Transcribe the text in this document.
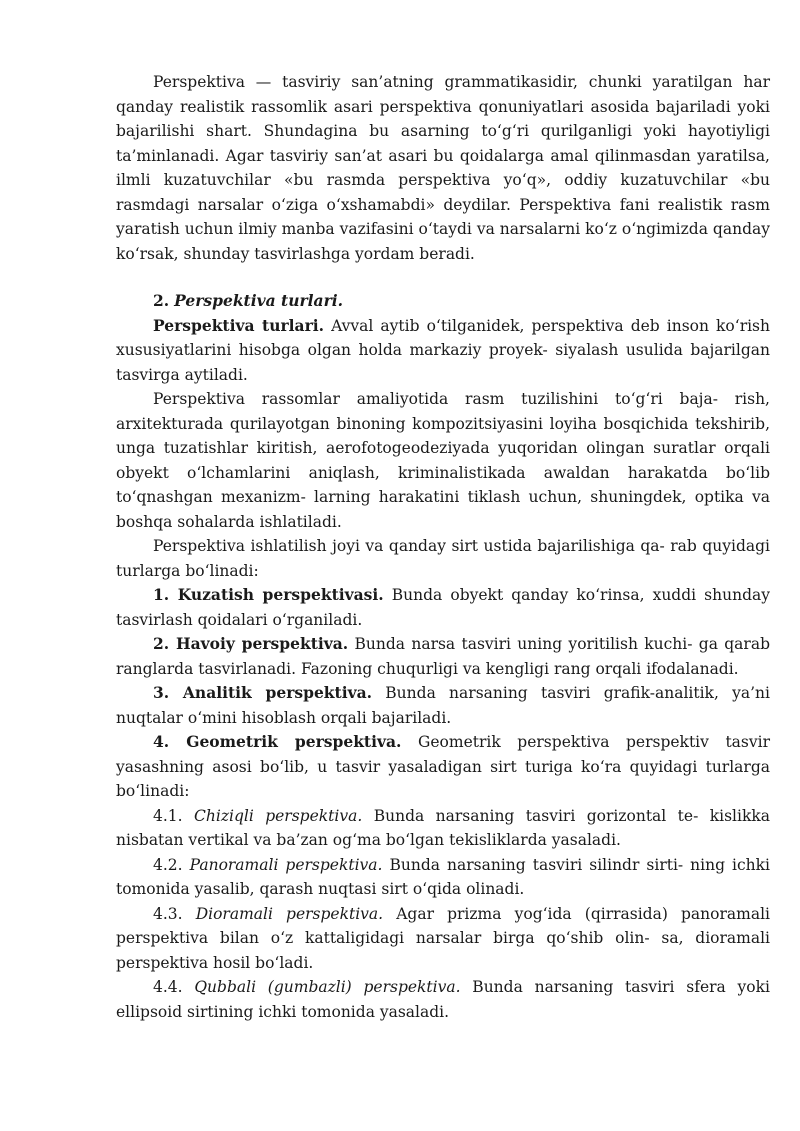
Perspektiva — tasviriy san’atning grammatikasidir, chunki yaratilgan har qanday realistik rassomlik asari perspektiva qonuniyatlari asosida bajariladi yoki bajarilishi shart. Shundagina bu asarning to‘g‘ri qurilganligi yoki hayotiyligi ta’minlanadi. Agar tasviriy san’at asari bu qoidalarga amal qilinmasdan yaratilsa, ilmli kuzatuvchilar «bu rasmda perspektiva yo‘q», oddiy kuzatuvchilar «bu rasmdagi narsalar o‘ziga o‘xshamabdi» deydilar. Perspektiva fani realistik rasm yaratish uchun ilmiy manba vazifasini o‘taydi va narsalarni ko‘z o‘ngimizda qanday ko‘rsak, shunday tasvirlashga yordam beradi.

2. Perspektiva turlari.

Perspektiva turlari. Avval aytib o‘tilganidek, perspektiva deb inson ko‘rish xususiyatlarini hisobga olgan holda markaziy proyek- siyalash usulida bajarilgan tasvirga aytiladi.

Perspektiva rassomlar amaliyotida rasm tuzilishini to‘g‘ri baja- rish, arxitekturada qurilayotgan binoning kompozitsiyasini loyiha bosqichida tekshirib, unga tuzatishlar kiritish, aerofotogeodeziyada yuqoridan olingan suratlar orqali obyekt o‘lchamlarini aniqlash, kriminalistikada awaldan harakatda bo‘lib to‘qnashgan mexanizm- larning harakatini tiklash uchun, shuningdek, optika va boshqa sohalarda ishlatiladi.

Perspektiva ishlatilish joyi va qanday sirt ustida bajarilishiga qa- rab quyidagi turlarga bo‘linadi:

1. Kuzatish perspektivasi. Bunda obyekt qanday ko‘rinsa, xuddi shunday tasvirlash qoidalari o‘rganiladi.

2. Havoiy perspektiva. Bunda narsa tasviri uning yoritilish kuchi- ga qarab ranglarda tasvirlanadi. Fazoning chuqurligi va kengligi rang orqali ifodalanadi.

3. Analitik perspektiva. Bunda narsaning tasviri grafik-analitik, ya’ni nuqtalar o‘mini hisoblash orqali bajariladi.

4. Geometrik perspektiva. Geometrik perspektiva perspektiv tasvir yasashning asosi bo‘lib, u tasvir yasaladigan sirt turiga ko‘ra quyidagi turlarga bo‘linadi:

4.1. Chiziqli perspektiva. Bunda narsaning tasviri gorizontal te- kislikka nisbatan vertikal va ba’zan og‘ma bo‘lgan tekisliklarda yasaladi.

4.2. Panoramali perspektiva. Bunda narsaning tasviri silindr sirti- ning ichki tomonida yasalib, qarash nuqtasi sirt o‘qida olinadi.

4.3. Dioramali perspektiva. Agar prizma yog‘ida (qirrasida) panoramali perspektiva bilan o‘z kattaligidagi narsalar birga qo‘shib olin- sa, dioramali perspektiva hosil bo‘ladi.

4.4. Qubbali (gumbazli) perspektiva. Bunda narsaning tasviri sfera yoki ellipsoid sirtining ichki tomonida yasaladi.
